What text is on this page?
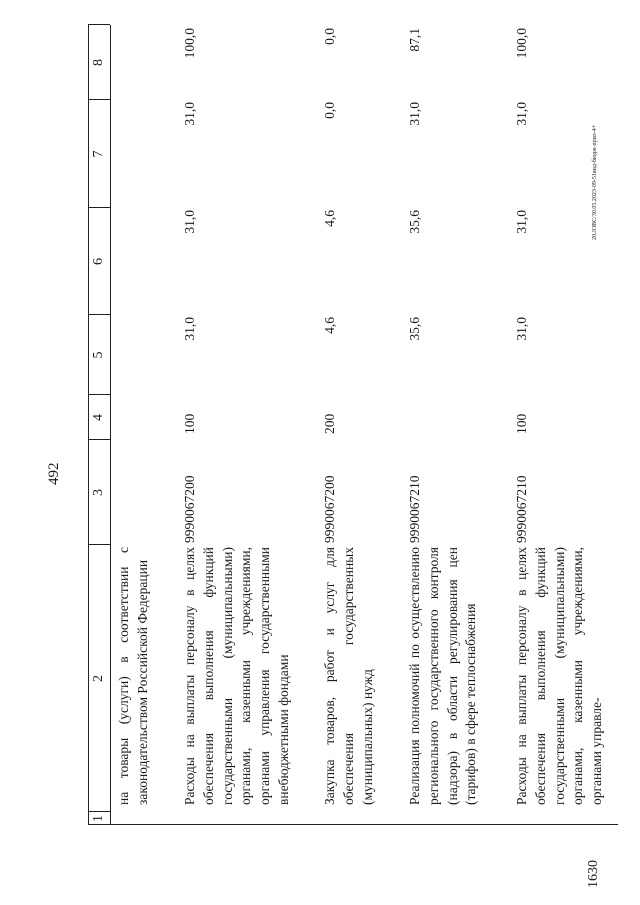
492
20.JOBC/30.05.2023-09-51вид-бюдж-прил-4+
1630
1
2
3
4
5
6
7
8
на товары (услуги) в соответствии с законодательством Российской Федерации Расходы на выплаты персоналу в целях обеспечения выполнения функций государственными (муниципальными) органами, казенными учреждениями, органами управления государственными внебюджетными фондами
9990067200
100
31,0
31,0
31,0
100,0
Закупка товаров, работ и услуг для обеспечения государственных (муниципальных) нужд
9990067200
200
4,6
4,6
0,0
0,0
Реализация полномочий по осуществлению регионального государственного контроля (надзора) в области регулирования цен (тарифов) в сфере теплоснабжения
9990067210
35,6
35,6
31,0
87,1
Расходы на выплаты персоналу в целях обеспечения выполнения функций государственными (муниципальными) органами, казенными учреждениями, органами управле-
9990067210
100
31,0
31,0
31,0
100,0
